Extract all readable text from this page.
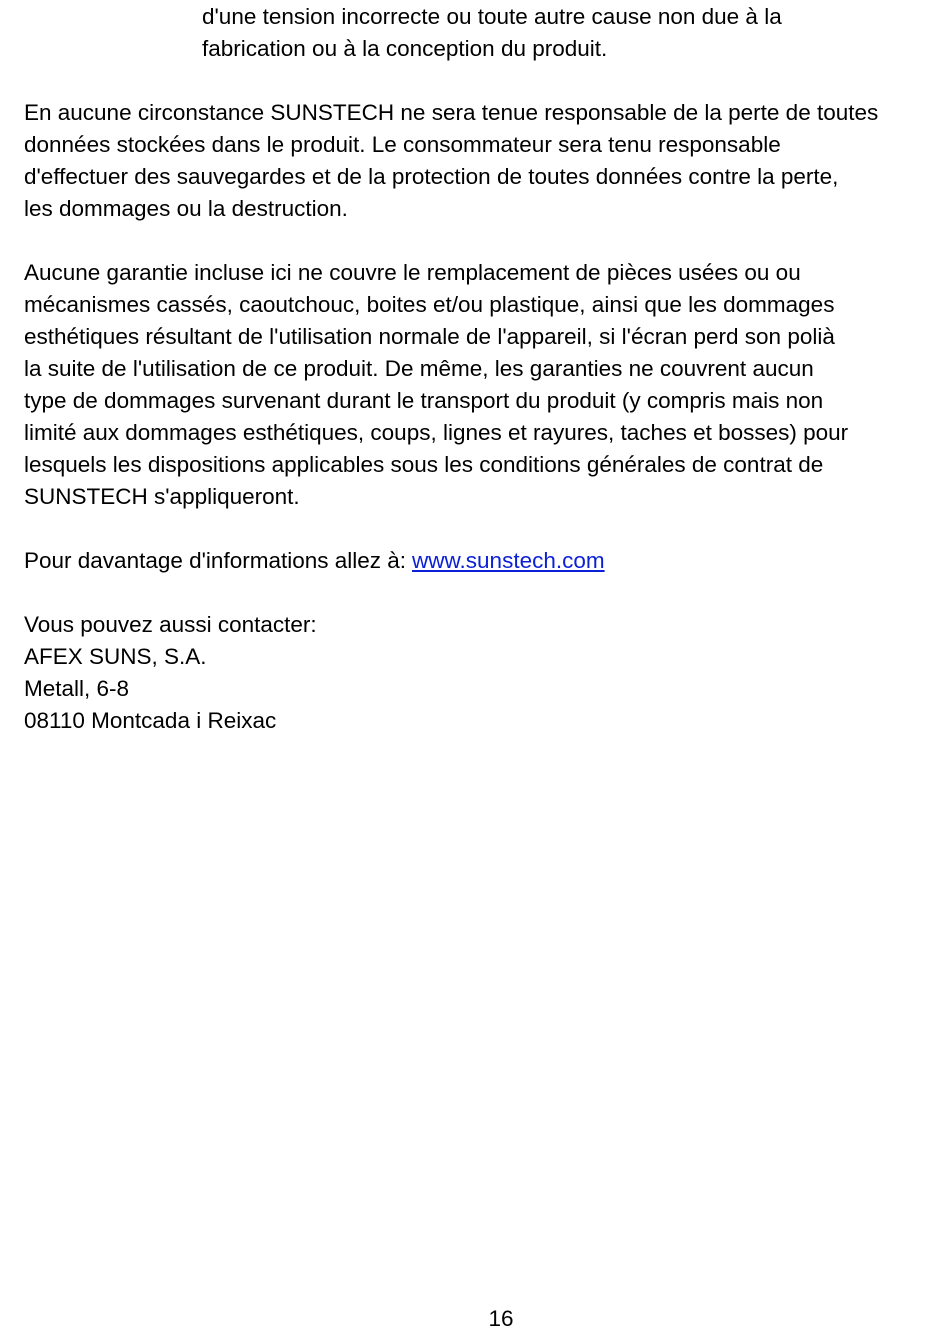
d'une tension incorrecte ou toute autre cause non due à la
fabrication ou à la conception du produit.

En aucune circonstance SUNSTECH ne sera tenue responsable de la perte de toutes
données stockées dans le produit. Le consommateur sera tenu responsable
d'effectuer des sauvegardes et de la protection de toutes données contre la perte,
les dommages ou la destruction.

Aucune garantie incluse ici ne couvre le remplacement de pièces usées ou ou
mécanismes cassés, caoutchouc, boites et/ou plastique, ainsi que les dommages
esthétiques résultant de l'utilisation normale de l'appareil, si l'écran perd son polià
la suite de l'utilisation de ce produit. De même, les garanties ne couvrent aucun
type de dommages survenant durant le transport du produit (y compris mais non
limité aux dommages esthétiques, coups, lignes et rayures, taches et bosses) pour
lesquels les dispositions applicables sous les conditions générales de contrat de
SUNSTECH s'appliqueront.

Pour davantage d'informations allez à: www.sunstech.com

Vous pouvez aussi contacter:
AFEX SUNS, S.A.
Metall, 6-8
08110 Montcada i Reixac

16
